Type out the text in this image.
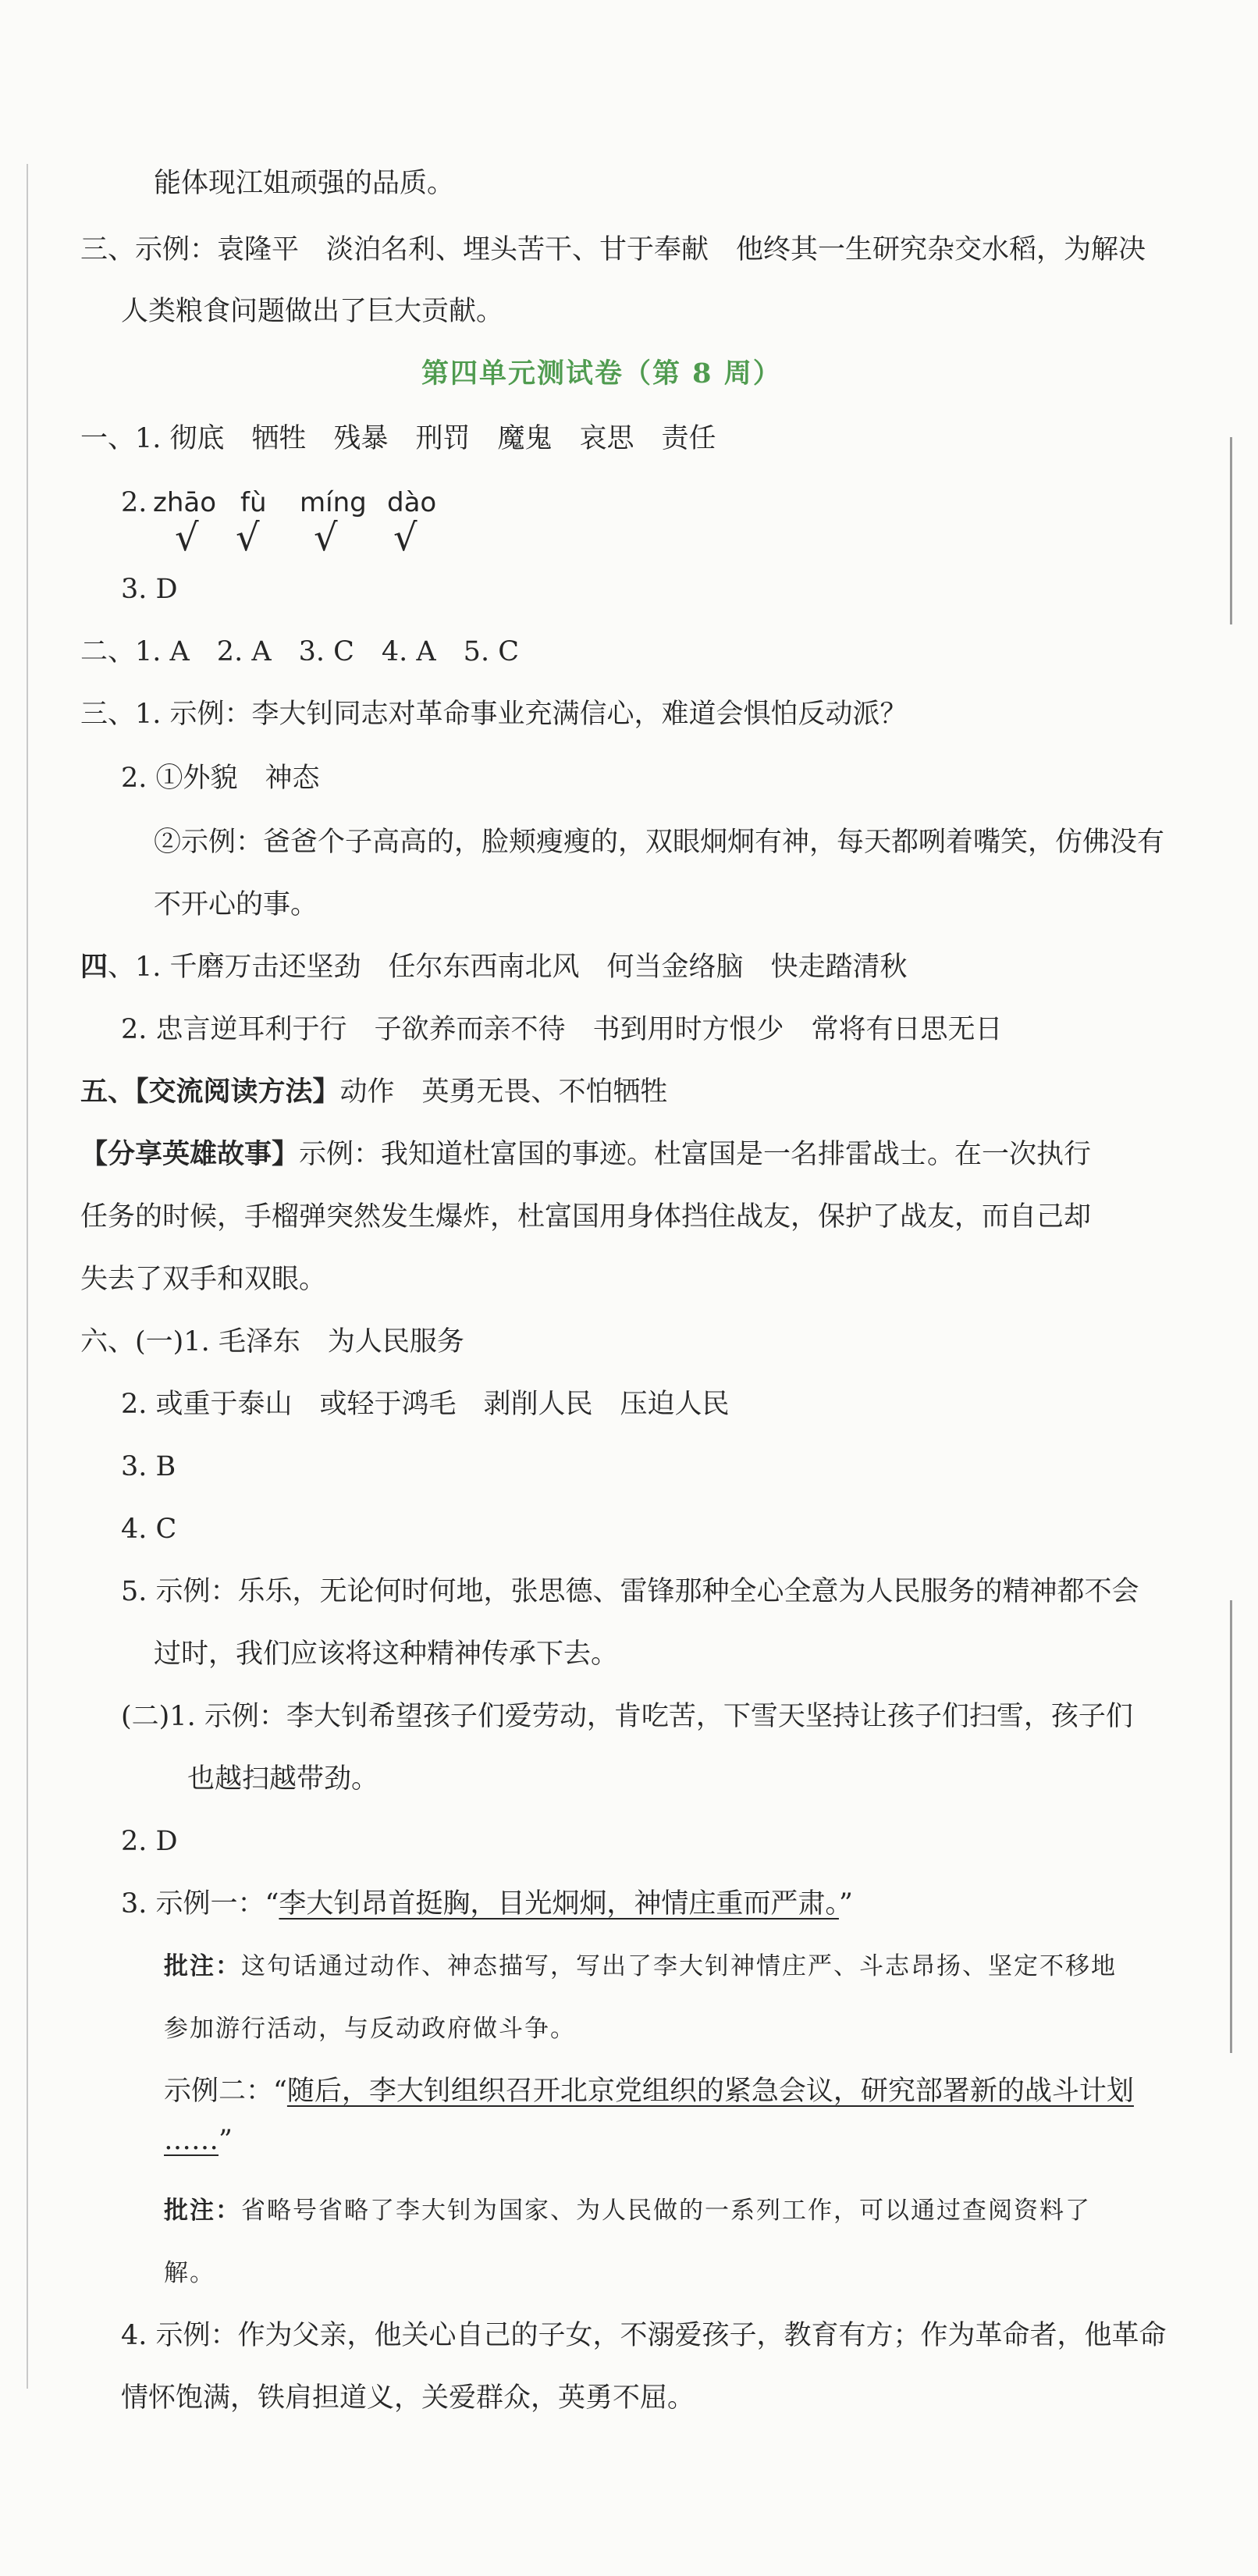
能体现江姐顽强的品质。
三、示例：袁隆平　淡泊名利、埋头苦干、甘于奉献　他终其一生研究杂交水稻，为解决
人类粮食问题做出了巨大贡献。
第四单元测试卷（第 8 周）
一、1. 彻底　牺牲　残暴　刑罚　魔鬼　哀思　责任
2. zhāo fù míng dào
√ √ √ √
3. D
二、1. A　2. A　3. C　4. A　5. C
三、1. 示例：李大钊同志对革命事业充满信心，难道会惧怕反动派？
2. ①外貌　神态
②示例：爸爸个子高高的，脸颊瘦瘦的，双眼炯炯有神，每天都咧着嘴笑，仿佛没有
不开心的事。
四、1. 千磨万击还坚劲　任尔东西南北风　何当金络脑　快走踏清秋
2. 忠言逆耳利于行　子欲养而亲不待　书到用时方恨少　常将有日思无日
五、【交流阅读方法】动作　英勇无畏、不怕牺牲
【分享英雄故事】示例：我知道杜富国的事迹。杜富国是一名排雷战士。在一次执行
任务的时候，手榴弹突然发生爆炸，杜富国用身体挡住战友，保护了战友，而自己却
失去了双手和双眼。
六、(一)1. 毛泽东　为人民服务
2. 或重于泰山　或轻于鸿毛　剥削人民　压迫人民
3. B
4. C
5. 示例：乐乐，无论何时何地，张思德、雷锋那种全心全意为人民服务的精神都不会
过时，我们应该将这种精神传承下去。
(二)1. 示例：李大钊希望孩子们爱劳动，肯吃苦，下雪天坚持让孩子们扫雪，孩子们
也越扫越带劲。
2. D
3. 示例一：“李大钊昂首挺胸，目光炯炯，神情庄重而严肃。”
批注：这句话通过动作、神态描写，写出了李大钊神情庄严、斗志昂扬、坚定不移地
参加游行活动，与反动政府做斗争。
示例二：“随后，李大钊组织召开北京党组织的紧急会议，研究部署新的战斗计划
……”
批注：省略号省略了李大钊为国家、为人民做的一系列工作，可以通过查阅资料了
解。
4. 示例：作为父亲，他关心自己的子女，不溺爱孩子，教育有方；作为革命者，他革命
情怀饱满，铁肩担道义，关爱群众，英勇不屈。
